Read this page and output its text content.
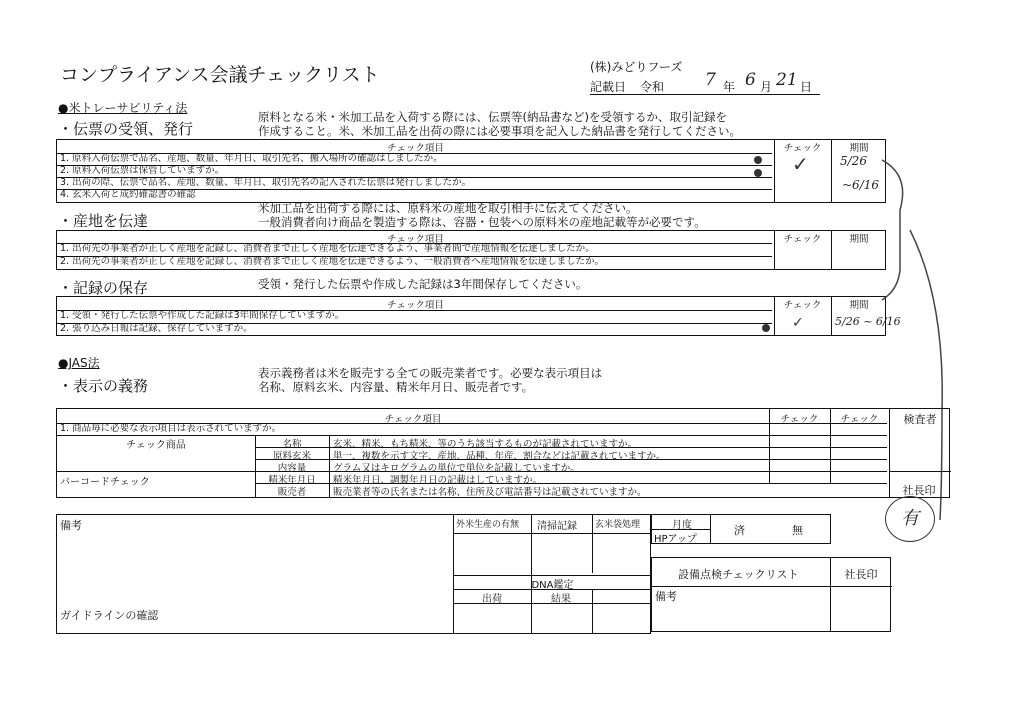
コンプライアンス会議チェックリスト	(株)みどりフーズ
記載日 令和 7 年 6 月 21 日
●米トレーサビリティ法
・伝票の受領、発行
原料となる米・米加工品を入荷する際には、伝票等(納品書など)を受領するか、取引記録を
作成すること。米、米加工品を出荷の際には必要事項を記入した納品書を発行してください。
チェック項目	チェック	期間
1. 原料入荷伝票で品名、産地、数量、年月日、取引先名、搬入場所の確認はしましたか。
2. 原料入荷伝票は保管していますか。
3. 出荷の際、伝票で品名、産地、数量、年月日、取引先名の記入された伝票は発行しましたか。
4. 玄米入荷と成約確認書の確認
✓	5/26
~6/16
・産地を伝達
米加工品を出荷する際には、原料米の産地を取引相手に伝えてください。
一般消費者向け商品を製造する際は、容器・包装への原料米の産地記載等が必要です。
チェック項目	チェック	期間
1. 出荷先の事業者が正しく産地を記録し、消費者まで正しく産地を伝達できるよう、事業者間で産地情報を伝達しましたか。
2. 出荷先の事業者が正しく産地を記録し、消費者まで正しく産地を伝達できるよう、一般消費者へ産地情報を伝達しましたか。
・記録の保存	受領・発行した伝票や作成した記録は3年間保存してください。
チェック項目	チェック	期間
1. 受領・発行した伝票や作成した記録は3年間保存していますか。
2. 張り込み日報は記録、保存していますか。	✓	5/26 ~ 6/16
●JAS法
・表示の義務
表示義務者は米を販売する全ての販売業者です。必要な表示項目は
名称、原料玄米、内容量、精米年月日、販売者です。
チェック項目	チェック	チェック	検査者
1. 商品毎に必要な表示項目は表示されていますか。
チェック商品
バーコードチェック
名称	玄米、精米、もち精米、等のうち該当するものが記載されていますか。
原料玄米	単一、複数を示す文字、産地、品種、年産、割合などは記載されていますか。
内容量	グラム又はキログラムの単位で単位を記載していますか。
精米年月日	精米年月日、調製年月日の記載はしていますか。
販売者	販売業者等の氏名または名称、住所及び電話番号は記載されていますか。	社長印
有
備考
ガイドラインの確認
外米生産の有無 清掃記録 玄米袋処理
DNA鑑定
出荷	結果
月度
HPアップ
済	無
設備点検チェックリスト	社長印
備考
